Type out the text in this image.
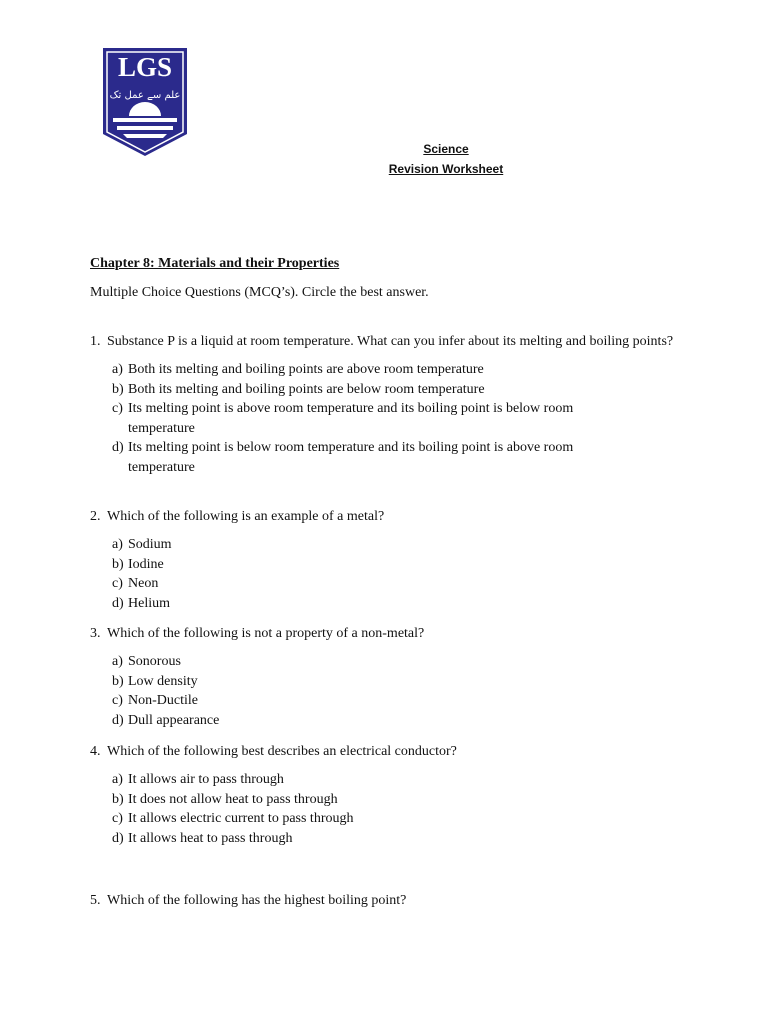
LGS
علم سے عمل تک
Science
Revision Worksheet
Chapter 8: Materials and their Properties
Multiple Choice Questions (MCQ’s). Circle the best answer.
1. Substance P is a liquid at room temperature. What can you infer about its melting and boiling points?
a) Both its melting and boiling points are above room temperature
b) Both its melting and boiling points are below room temperature
c) Its melting point is above room temperature and its boiling point is below room temperature
d) Its melting point is below room temperature and its boiling point is above room temperature
2. Which of the following is an example of a metal?
a) Sodium
b) Iodine
c) Neon
d) Helium
3. Which of the following is not a property of a non-metal?
a) Sonorous
b) Low density
c) Non-Ductile
d) Dull appearance
4. Which of the following best describes an electrical conductor?
a) It allows air to pass through
b) It does not allow heat to pass through
c) It allows electric current to pass through
d) It allows heat to pass through
5. Which of the following has the highest boiling point?
